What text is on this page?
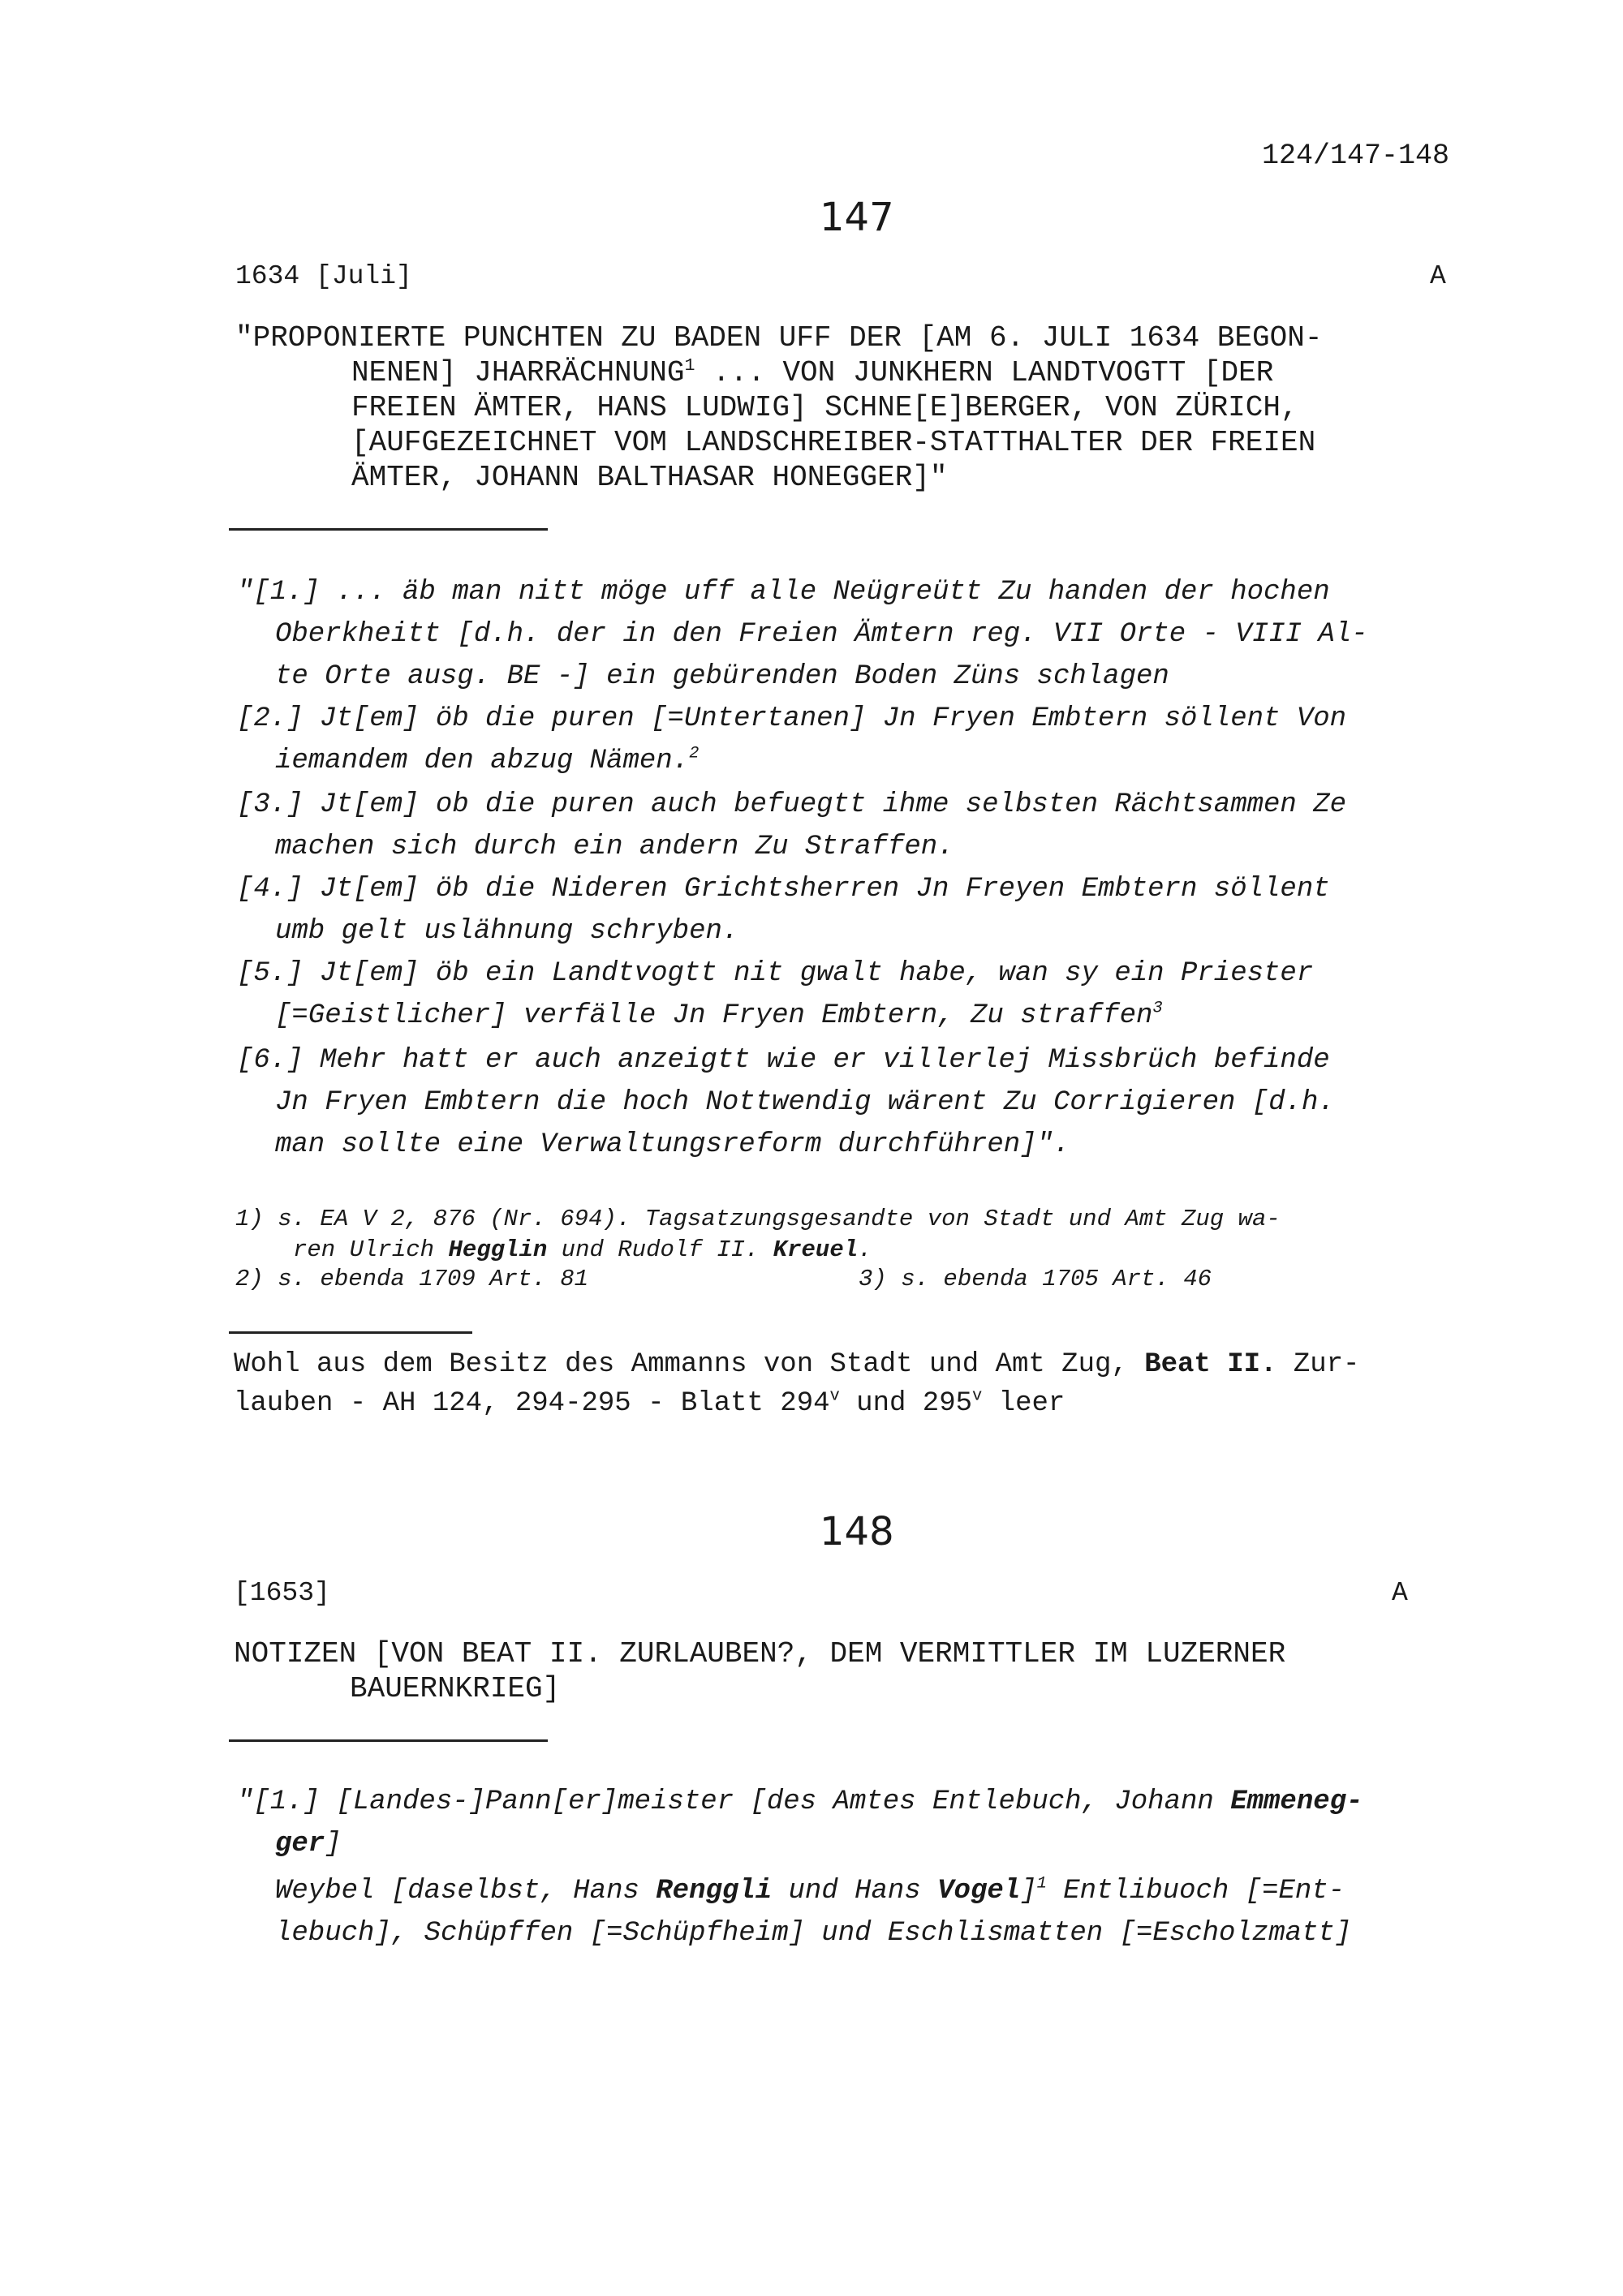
124/147-148
147
1634 [Juli]	A
"PROPONIERTE PUNCHTEN ZU BADEN UFF DER [AM 6. JULI 1634 BEGON-
NENEN] JHARRÄCHNUNG$^1$ ... VON JUNKHERN LANDTVOGTT [DER
FREIEN ÄMTER, HANS LUDWIG] SCHNE[E]BERGER, VON ZÜRICH,
[AUFGEZEICHNET VOM LANDSCHREIBER-STATTHALTER DER FREIEN
ÄMTER, JOHANN BALTHASAR HONEGGER]"
"[1.] ... äb man nitt möge uff alle Neügreütt Zu handen der hochen
Oberkheitt [d.h. der in den Freien Ämtern reg. VII Orte - VIII Al-
te Orte ausg. BE -] ein gebürenden Boden Züns schlagen
[2.] Jt[em] öb die puren [=Untertanen] Jn Fryen Embtern söllent Von
iemandem den abzug Nämen.$^2$
[3.] Jt[em] ob die puren auch befuegtt ihme selbsten Rächtsammen Ze
machen sich durch ein andern Zu Straffen.
[4.] Jt[em] öb die Nideren Grichtsherren Jn Freyen Embtern söllent
umb gelt uslähnung schryben.
[5.] Jt[em] öb ein Landtvogtt nit gwalt habe, wan sy ein Priester
[=Geistlicher] verfälle Jn Fryen Embtern, Zu straffen$^3$
[6.] Mehr hatt er auch anzeigtt wie er villerlej Missbrüch befinde
Jn Fryen Embtern die hoch Nottwendig wärent Zu Corrigieren [d.h.
man sollte eine Verwaltungsreform durchführen]".
1) s. EA V 2, 876 (Nr. 694). Tagsatzungsgesandte von Stadt und Amt Zug wa-
ren Ulrich Hegglin und Rudolf II. Kreuel.
2) s. ebenda 1709 Art. 81	3) s. ebenda 1705 Art. 46
Wohl aus dem Besitz des Ammanns von Stadt und Amt Zug, Beat II. Zur-
lauben - AH 124, 294-295 - Blatt 294$^v$ und 295$^v$ leer
148
[1653]	A
NOTIZEN [VON BEAT II. ZURLAUBEN?, DEM VERMITTLER IM LUZERNER
BAUERNKRIEG]
"[1.] [Landes-]Pann[er]meister [des Amtes Entlebuch, Johann Emmeneg-
ger]
Weybel [daselbst, Hans Renggli und Hans Vogel]$^1$ Entlibuoch [=Ent-
lebuch], Schüpffen [=Schüpfheim] und Eschlismatten [=Escholzmatt]
